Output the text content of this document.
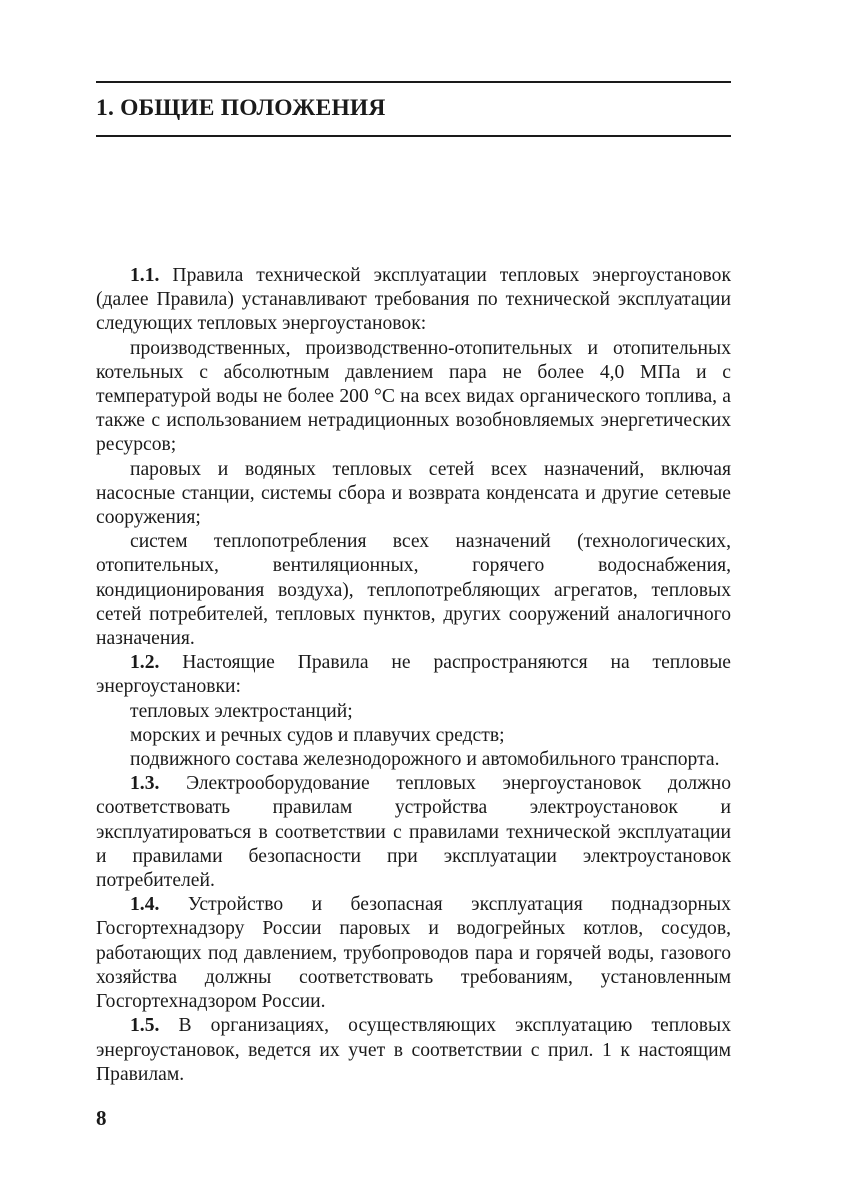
1. ОБЩИЕ ПОЛОЖЕНИЯ

1.1. Правила технической эксплуатации тепловых энергоустановок (далее Правила) устанавливают требования по технической эксплуатации следующих тепловых энергоустановок:

производственных, производственно-отопительных и отопительных котельных с абсолютным давлением пара не более 4,0 МПа и с температурой воды не более 200 °С на всех видах органического топлива, а также с использованием нетрадиционных возобновляемых энергетических ресурсов;

паровых и водяных тепловых сетей всех назначений, включая насосные станции, системы сбора и возврата конденсата и другие сетевые сооружения;

систем теплопотребления всех назначений (технологических, отопительных, вентиляционных, горячего водоснабжения, кондиционирования воздуха), теплопотребляющих агрегатов, тепловых сетей потребителей, тепловых пунктов, других сооружений аналогичного назначения.

1.2. Настоящие Правила не распространяются на тепловые энергоустановки:

тепловых электростанций;

морских и речных судов и плавучих средств;

подвижного состава железнодорожного и автомобильного транспорта.

1.3. Электрооборудование тепловых энергоустановок должно соответствовать правилам устройства электроустановок и эксплуатироваться в соответствии с правилами технической эксплуатации и правилами безопасности при эксплуатации электроустановок потребителей.

1.4. Устройство и безопасная эксплуатация поднадзорных Госгортехнадзору России паровых и водогрейных котлов, сосудов, работающих под давлением, трубопроводов пара и горячей воды, газового хозяйства должны соответствовать требованиям, установленным Госгортехнадзором России.

1.5. В организациях, осуществляющих эксплуатацию тепловых энергоустановок, ведется их учет в соответствии с прил. 1 к настоящим Правилам.

8
